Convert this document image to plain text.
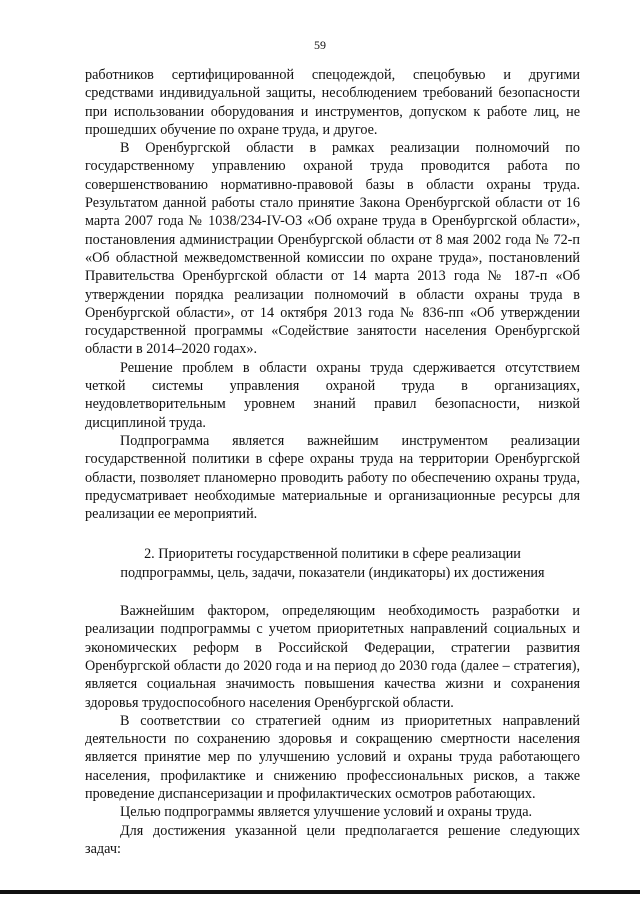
59

работников сертифицированной спецодеждой, спецобувью и другими средствами индивидуальной защиты, несоблюдением требований безопасности при использовании оборудования и инструментов, допуском к работе лиц, не прошедших обучение по охране труда, и другое.

В Оренбургской области в рамках реализации полномочий по государственному управлению охраной труда проводится работа по совершенствованию нормативно-правовой базы в области охраны труда. Результатом данной работы стало принятие Закона Оренбургской области от 16 марта 2007 года № 1038/234-IV-ОЗ «Об охране труда в Оренбургской области», постановления администрации Оренбургской области от 8 мая 2002 года № 72-п «Об областной межведомственной комиссии по охране труда», постановлений Правительства Оренбургской области от 14 марта 2013 года № 187-п «Об утверждении порядка реализации полномочий в области охраны труда в Оренбургской области», от 14 октября 2013 года № 836-пп «Об утверждении государственной программы «Содействие занятости населения Оренбургской области в 2014–2020 годах».

Решение проблем в области охраны труда сдерживается отсутствием четкой системы управления охраной труда в организациях, неудовлетворительным уровнем знаний правил безопасности, низкой дисциплиной труда.

Подпрограмма является важнейшим инструментом реализации государственной политики в сфере охраны труда на территории Оренбургской области, позволяет планомерно проводить работу по обеспечению охраны труда, предусматривает необходимые материальные и организационные ресурсы для реализации ее мероприятий.

2. Приоритеты государственной политики в сфере реализации
подпрограммы, цель, задачи, показатели (индикаторы) их достижения

Важнейшим фактором, определяющим необходимость разработки и реализации подпрограммы с учетом приоритетных направлений социальных и экономических реформ в Российской Федерации, стратегии развития Оренбургской области до 2020 года и на период до 2030 года (далее – стратегия), является социальная значимость повышения качества жизни и сохранения здоровья трудоспособного населения Оренбургской области.

В соответствии со стратегией одним из приоритетных направлений деятельности по сохранению здоровья и сокращению смертности населения является принятие мер по улучшению условий и охраны труда работающего населения, профилактике и снижению профессиональных рисков, а также проведение диспансеризации и профилактических осмотров работающих.

Целью подпрограммы является улучшение условий и охраны труда.

Для достижения указанной цели предполагается решение следующих задач:
